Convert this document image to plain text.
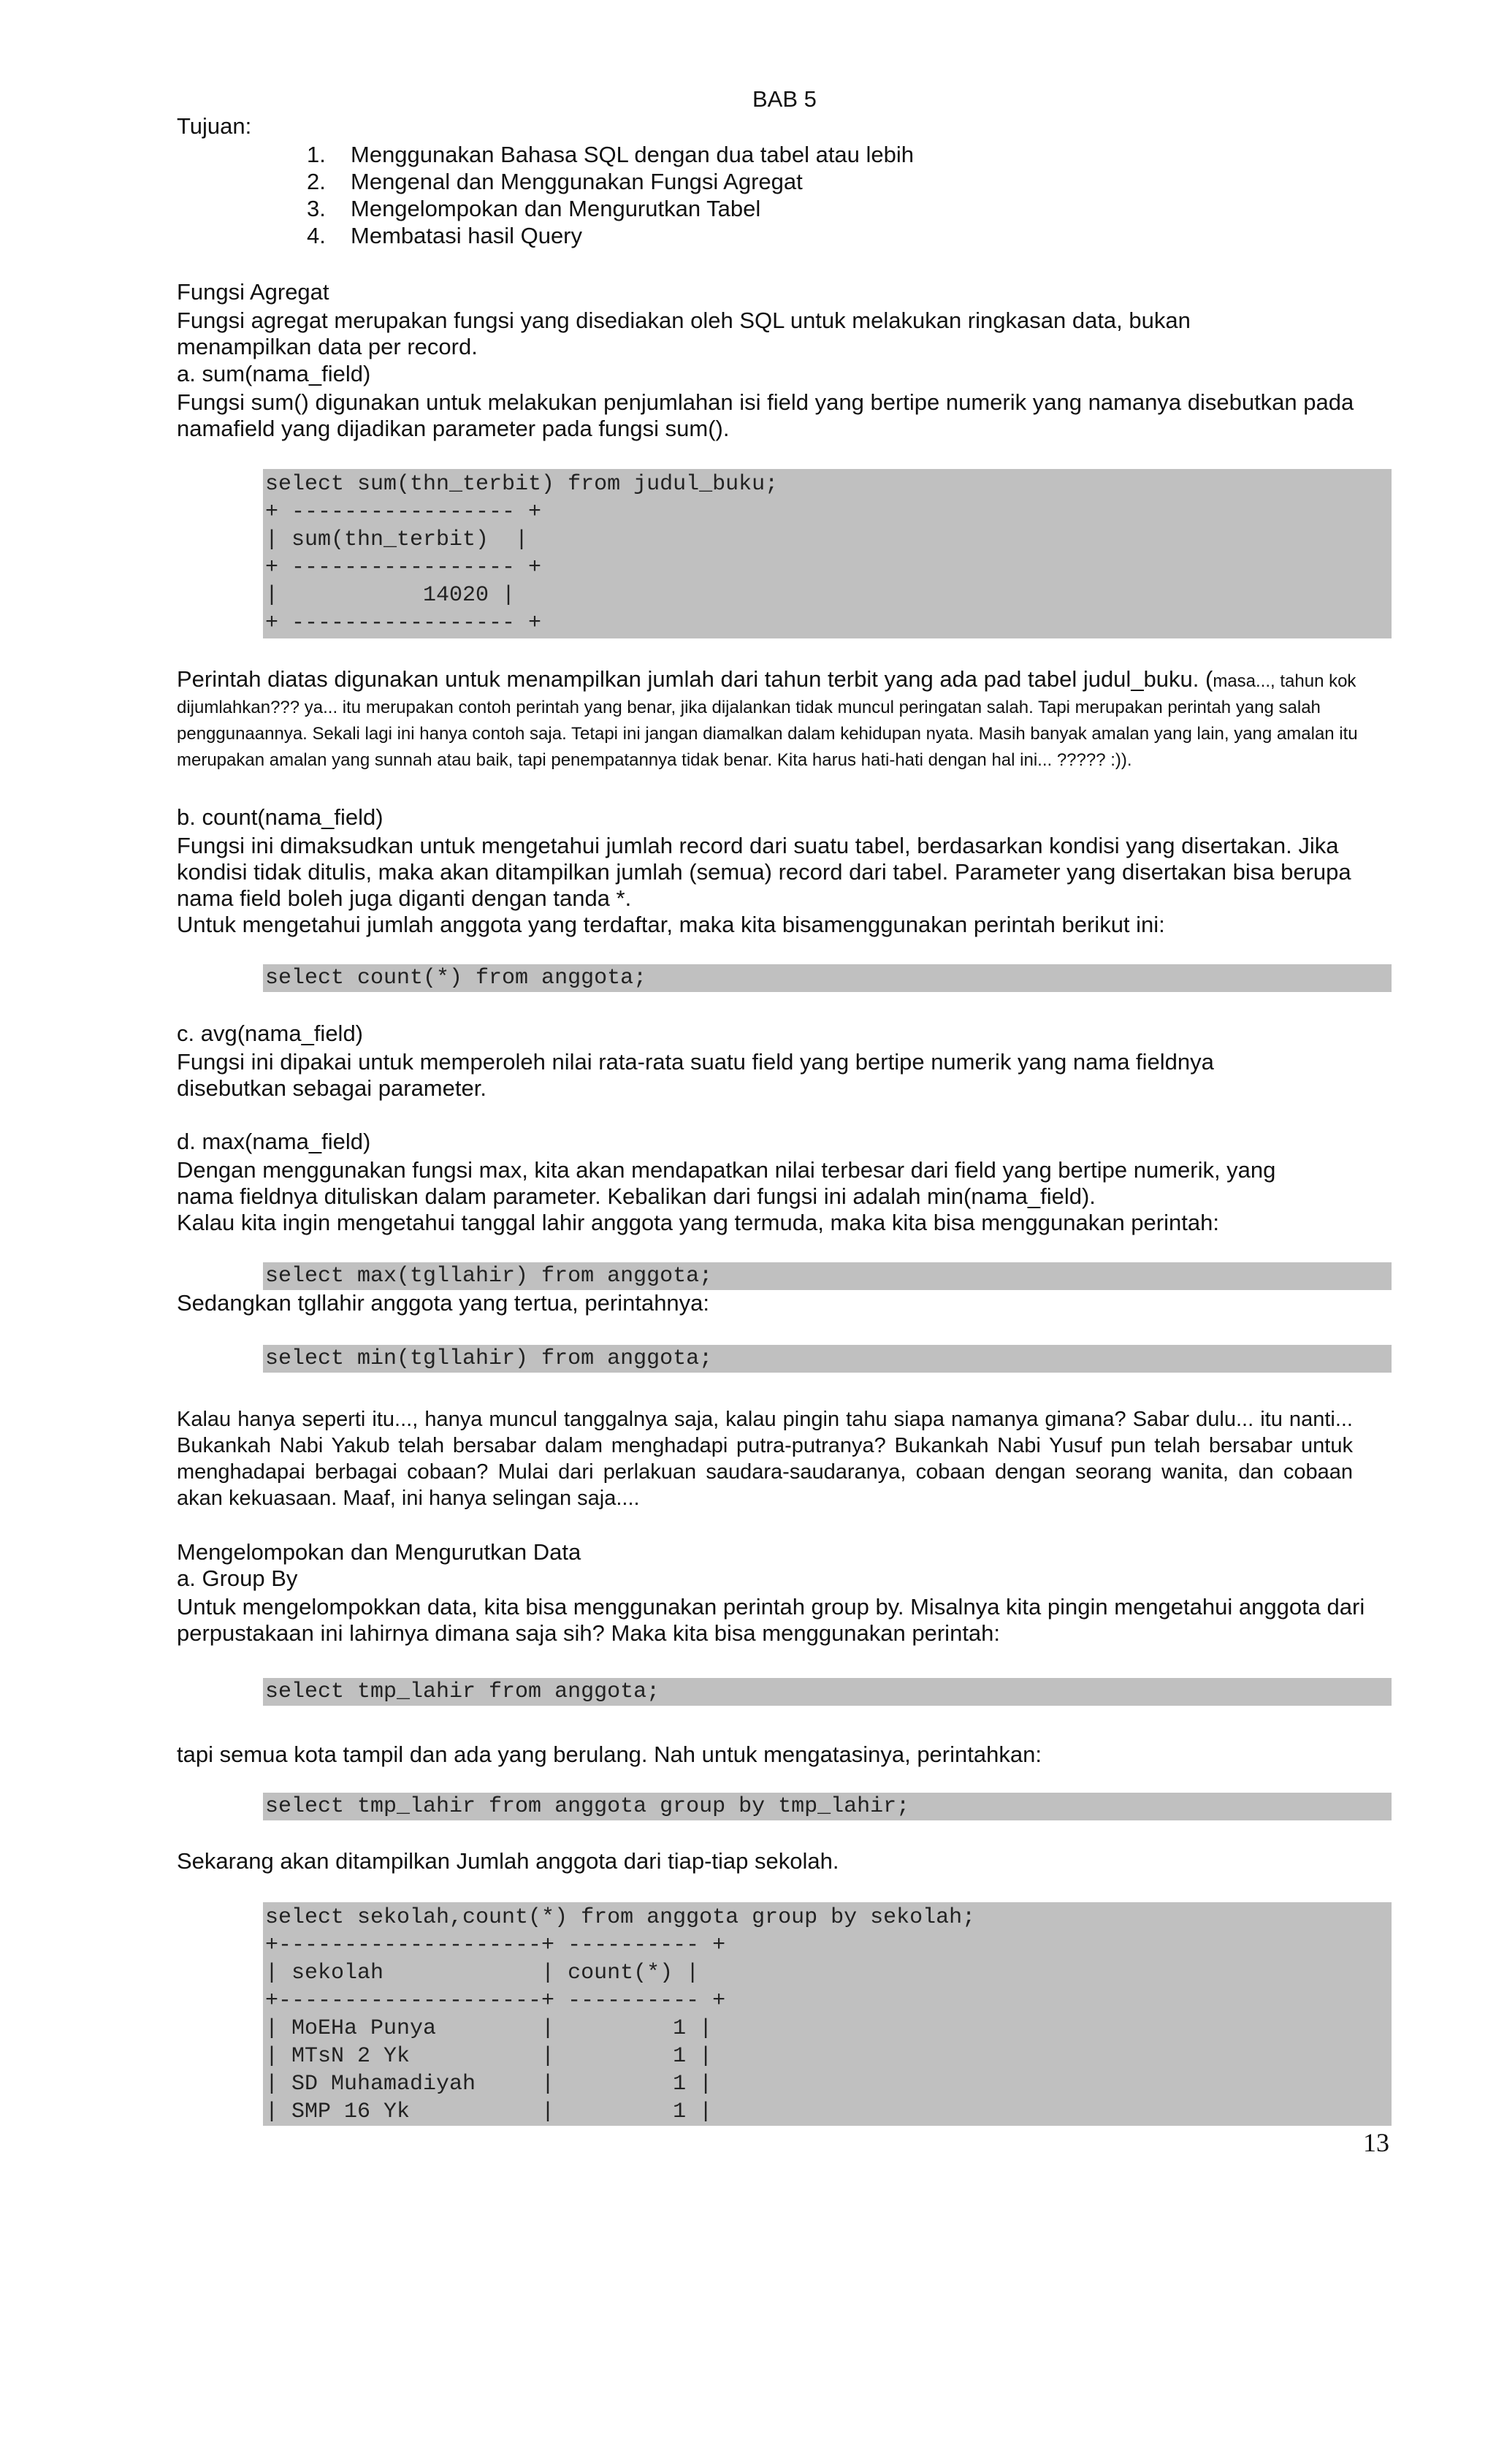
BAB 5
Tujuan:
1.	Menggunakan Bahasa SQL dengan dua tabel atau lebih
2.	Mengenal dan Menggunakan Fungsi Agregat
3.	Mengelompokan dan Mengurutkan Tabel
4.	Membatasi hasil Query
Fungsi Agregat
Fungsi agregat merupakan fungsi yang disediakan oleh SQL untuk melakukan ringkasan data, bukan menampilkan data per record.
a. sum(nama_field)
Fungsi sum() digunakan untuk melakukan penjumlahan isi field yang bertipe numerik yang namanya disebutkan pada namafield yang dijadikan parameter pada fungsi sum().
select sum(thn_terbit) from judul_buku;
+ ----------------- +
| sum(thn_terbit)  |
+ ----------------- +
|           14020 |
+ ----------------- +
Perintah diatas digunakan untuk menampilkan jumlah dari tahun terbit yang ada pad tabel judul_buku. (masa..., tahun kok dijumlahkan??? ya... itu merupakan contoh perintah yang benar, jika dijalankan tidak muncul peringatan salah. Tapi merupakan perintah yang salah penggunaannya. Sekali lagi ini hanya contoh saja. Tetapi ini jangan diamalkan dalam kehidupan nyata. Masih banyak amalan yang lain, yang amalan itu merupakan amalan yang sunnah atau baik, tapi penempatannya tidak benar. Kita harus hati-hati dengan hal ini... ????? :)).
b. count(nama_field)
Fungsi ini dimaksudkan untuk mengetahui jumlah record dari suatu tabel, berdasarkan kondisi yang disertakan. Jika kondisi tidak ditulis, maka akan ditampilkan jumlah (semua) record dari tabel. Parameter yang disertakan bisa berupa nama field boleh juga diganti dengan tanda *.
Untuk mengetahui jumlah anggota yang terdaftar, maka kita bisamenggunakan perintah berikut ini:
select count(*) from anggota;
c. avg(nama_field)
Fungsi ini dipakai untuk memperoleh nilai rata-rata suatu field yang bertipe numerik yang nama fieldnya disebutkan sebagai parameter.
d. max(nama_field)
Dengan menggunakan fungsi max, kita akan mendapatkan nilai terbesar dari field yang bertipe numerik, yang nama fieldnya dituliskan dalam parameter. Kebalikan dari fungsi ini adalah min(nama_field).
Kalau kita ingin mengetahui tanggal lahir anggota yang termuda, maka kita bisa menggunakan perintah:
select max(tgllahir) from anggota;
Sedangkan tgllahir anggota yang tertua, perintahnya:
select min(tgllahir) from anggota;
Kalau hanya seperti itu..., hanya muncul tanggalnya saja, kalau pingin tahu siapa namanya gimana? Sabar dulu... itu nanti... Bukankah Nabi Yakub telah bersabar dalam menghadapi putra-putranya? Bukankah Nabi Yusuf pun telah bersabar untuk menghadapai berbagai cobaan? Mulai dari perlakuan saudara-saudaranya, cobaan dengan seorang wanita, dan cobaan akan kekuasaan. Maaf, ini hanya selingan saja....
Mengelompokan dan Mengurutkan Data
a. Group By
Untuk mengelompokkan data, kita bisa menggunakan perintah group by. Misalnya kita pingin mengetahui anggota dari perpustakaan ini lahirnya dimana saja sih? Maka kita bisa menggunakan perintah:
select tmp_lahir from anggota;
tapi semua kota tampil dan ada yang berulang. Nah untuk mengatasinya, perintahkan:
select tmp_lahir from anggota group by tmp_lahir;
Sekarang akan ditampilkan Jumlah anggota dari tiap-tiap sekolah.
select sekolah,count(*) from anggota group by sekolah;
+--------------------+ ---------- +
| sekolah            | count(*) |
+--------------------+ ---------- +
| MoEHa Punya        |         1 |
| MTsN 2 Yk          |         1 |
| SD Muhamadiyah     |         1 |
| SMP 16 Yk          |         1 |
13
